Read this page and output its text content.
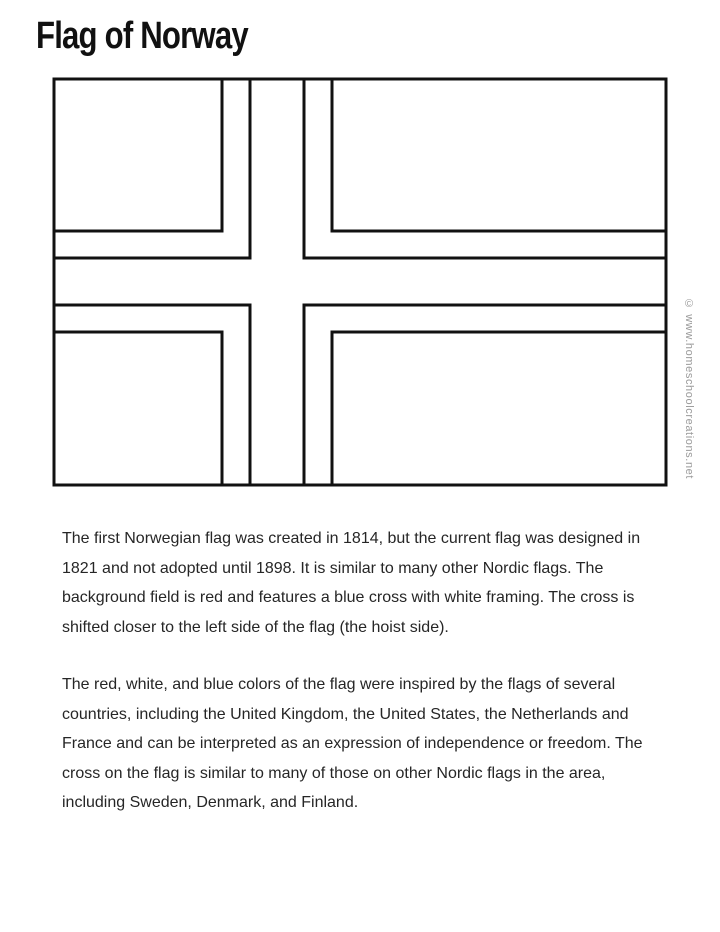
Flag of Norway
© www.homeschoolcreations.net

The first Norwegian flag was created in 1814, but the current flag was designed in 1821 and not adopted until 1898. It is similar to many other Nordic flags. The background field is red and features a blue cross with white framing. The cross is shifted closer to the left side of the flag (the hoist side).

The red, white, and blue colors of the flag were inspired by the flags of several countries, including the United Kingdom, the United States, the Netherlands and France and can be interpreted as an expression of independence or freedom. The cross on the flag is similar to many of those on other Nordic flags in the area, including Sweden, Denmark, and Finland.
